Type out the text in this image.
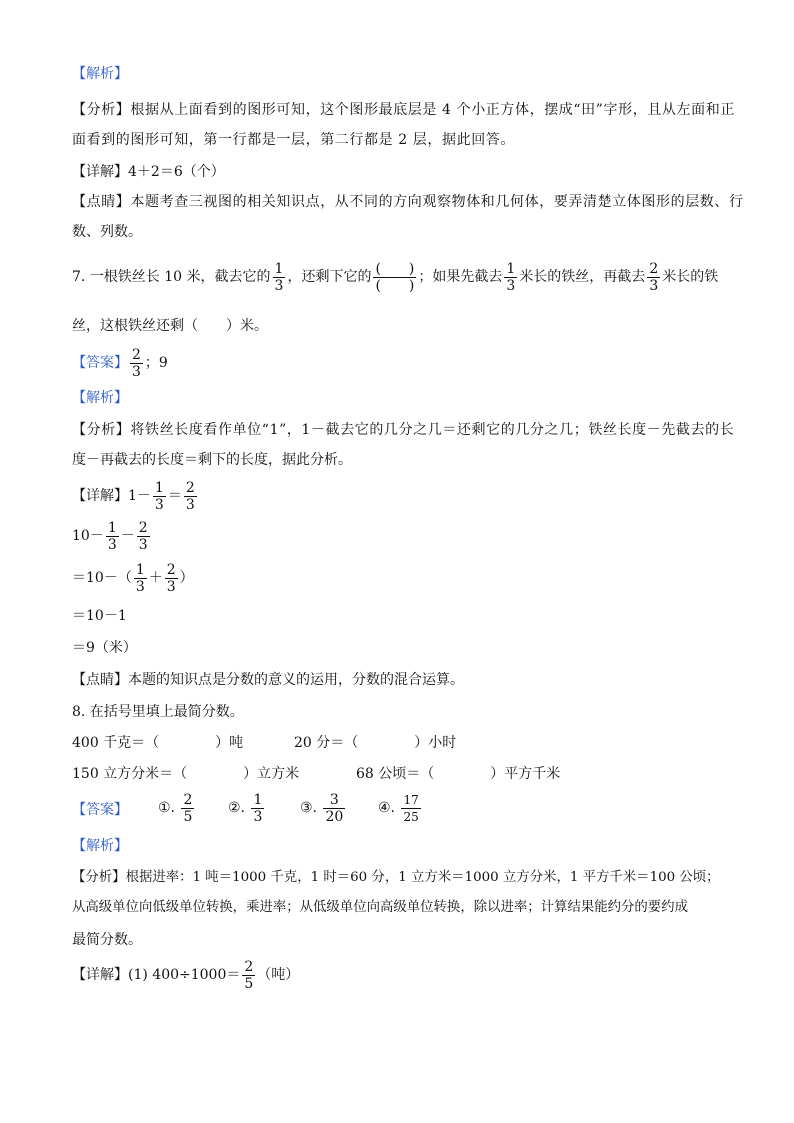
【解析】
【分析】根据从上面看到的图形可知，这个图形最底层是 4 个小正方体，摆成“田”字形，且从左面和正
面看到的图形可知，第一行都是一层，第二行都是 2 层，据此回答。
【详解】4＋2＝6（个）
【点睛】本题考查三视图的相关知识点，从不同的方向观察物体和几何体，要弄清楚立体图形的层数、行
数、列数。
7. 一根铁丝长 10 米，截去它的 $\frac{1}{3}$ ，还剩下它的 $\frac{( )}{( )}$ ；如果先截去 $\frac{1}{3}$ 米长的铁丝，再截去 $\frac{2}{3}$ 米长的铁
丝，这根铁丝还剩（　　）米。
【答案】 $\frac{2}{3}$ ；9
【解析】
【分析】将铁丝长度看作单位“1”，1－截去它的几分之几＝还剩它的几分之几；铁丝长度－先截去的长
度－再截去的长度＝剩下的长度，据此分析。
【详解】$1- \frac{1}{3} = \frac{2}{3}$
$10- \frac{1}{3} - \frac{2}{3}$
$=10-( \frac{1}{3} + \frac{2}{3}$ ）
＝10－1
＝9（米）
【点睛】本题的知识点是分数的意义的运用，分数的混合运算。
8. 在括号里填上最简分数。
400 千克＝（　　　　）吨	20 分＝（　　　　）小时
150 立方分米＝（　　　　）立方米	68 公顷＝（　　　　）平方千米
【答案】 ①. $\frac{2}{5}$ ②. $\frac{1}{3}$	③. $\frac{3}{20}$ ④. $\frac{17}{25}$
【解析】
【分析】根据进率：1 吨＝1000 千克，1 时＝60 分，1 立方米＝1000 立方分米，1 平方千米＝100 公顷；
从高级单位向低级单位转换，乘进率；从低级单位向高级单位转换，除以进率；计算结果能约分的要约成
最简分数。
【详解】(1) $400\div 1000= \frac{2}{5}$ （吨）
